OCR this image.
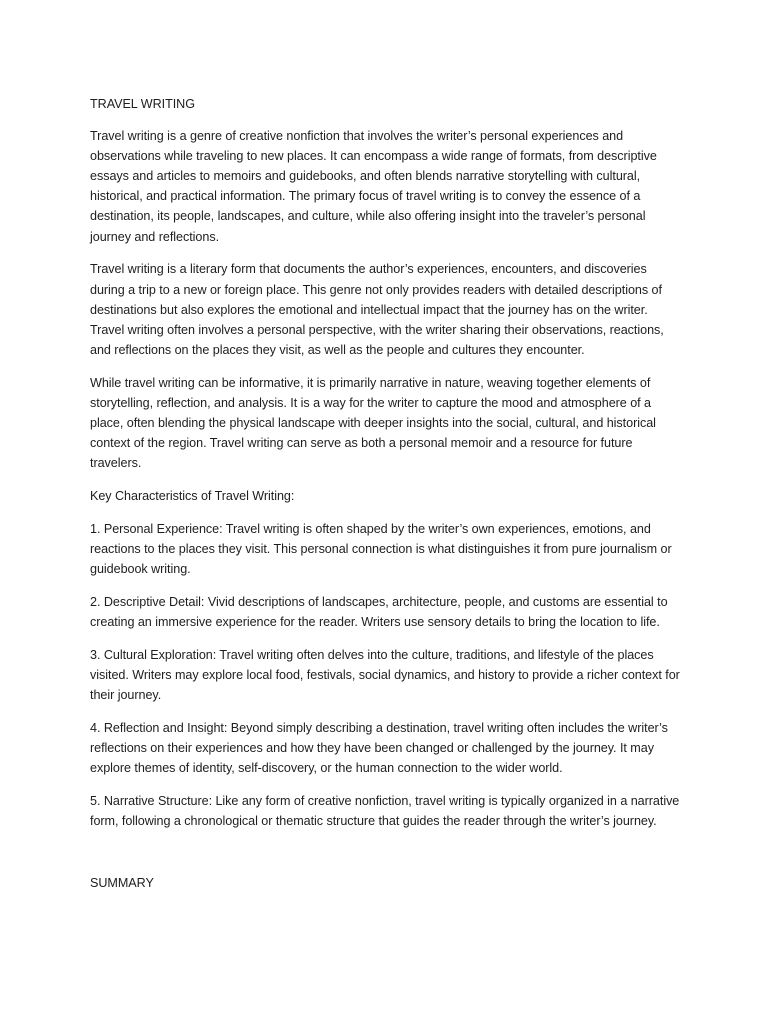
TRAVEL WRITING

Travel writing is a genre of creative nonfiction that involves the writer’s personal experiences and observations while traveling to new places. It can encompass a wide range of formats, from descriptive essays and articles to memoirs and guidebooks, and often blends narrative storytelling with cultural, historical, and practical information. The primary focus of travel writing is to convey the essence of a destination, its people, landscapes, and culture, while also offering insight into the traveler’s personal journey and reflections.

Travel writing is a literary form that documents the author’s experiences, encounters, and discoveries during a trip to a new or foreign place. This genre not only provides readers with detailed descriptions of destinations but also explores the emotional and intellectual impact that the journey has on the writer. Travel writing often involves a personal perspective, with the writer sharing their observations, reactions, and reflections on the places they visit, as well as the people and cultures they encounter.

While travel writing can be informative, it is primarily narrative in nature, weaving together elements of storytelling, reflection, and analysis. It is a way for the writer to capture the mood and atmosphere of a place, often blending the physical landscape with deeper insights into the social, cultural, and historical context of the region. Travel writing can serve as both a personal memoir and a resource for future travelers.

Key Characteristics of Travel Writing:

1. Personal Experience: Travel writing is often shaped by the writer’s own experiences, emotions, and reactions to the places they visit. This personal connection is what distinguishes it from pure journalism or guidebook writing.

2. Descriptive Detail: Vivid descriptions of landscapes, architecture, people, and customs are essential to creating an immersive experience for the reader. Writers use sensory details to bring the location to life.

3. Cultural Exploration: Travel writing often delves into the culture, traditions, and lifestyle of the places visited. Writers may explore local food, festivals, social dynamics, and history to provide a richer context for their journey.

4. Reflection and Insight: Beyond simply describing a destination, travel writing often includes the writer’s reflections on their experiences and how they have been changed or challenged by the journey. It may explore themes of identity, self-discovery, or the human connection to the wider world.

5. Narrative Structure: Like any form of creative nonfiction, travel writing is typically organized in a narrative form, following a chronological or thematic structure that guides the reader through the writer’s journey.

SUMMARY
